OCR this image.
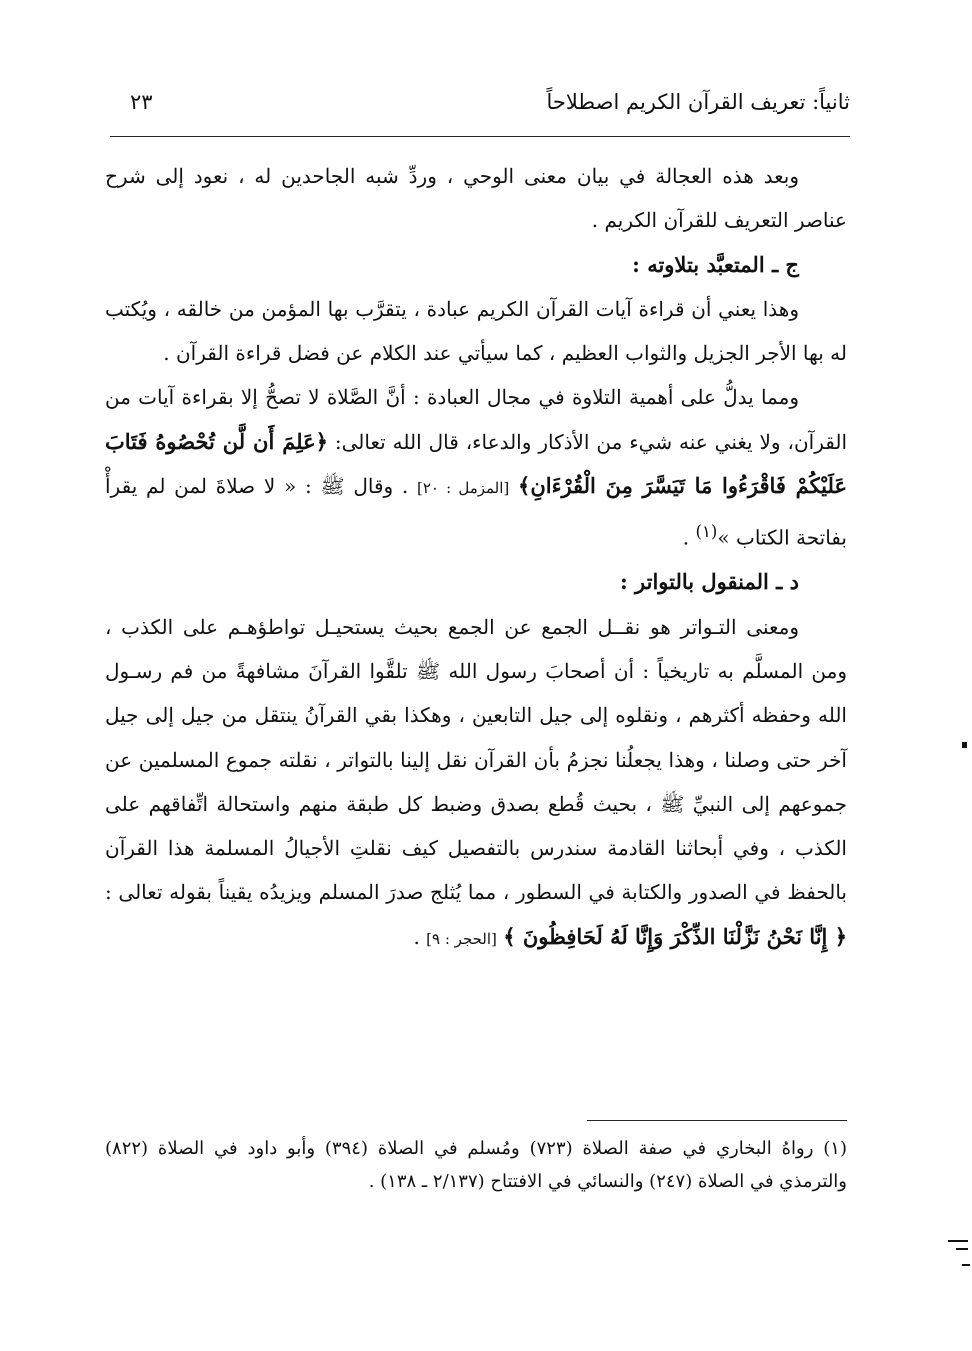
ثانياً: تعريف القرآن الكريم اصطلاحاً
٢٣

وبعد هذه العجالة في بيان معنى الوحي ، وردِّ شبه الجاحدين له ، نعود إلى شرح عناصر التعريف للقرآن الكريم .

ج ـ المتعبَّد بتلاوته :

وهذا يعني أن قراءة آيات القرآن الكريم عبادة ، يتقرَّب بها المؤمن من خالقه ، ويُكتب له بها الأجر الجزيل والثواب العظيم ، كما سيأتي عند الكلام عن فضل قراءة القرآن .

ومما يدلُّ على أهمية التلاوة في مجال العبادة : أنَّ الصَّلاة لا تصحُّ إلا بقراءة آيات من القرآن، ولا يغني عنه شيء من الأذكار والدعاء، قال الله تعالى: ﴿عَلِمَ أَن لَّن تُحْصُوهُ فَتَابَ عَلَيْكُمْ فَاقْرَءُوا مَا تَيَسَّرَ مِنَ الْقُرْءَانِ﴾ [المزمل : ٢٠] . وقال ﷺ : « لا صلاةَ لمن لم يقرأْ بفاتحة الكتاب »$^{(١)}$ .

د ـ المنقول بالتواتر :

ومعنى التـواتر هو نقــل الجمع عن الجمع بحيث يستحيـل تواطؤهـم على الكذب ، ومن المسلَّم به تاريخياً : أن أصحابَ رسول الله ﷺ تلقَّوا القرآنَ مشافهةً من فم رسـول الله وحفظه أكثرهم ، ونقلوه إلى جيل التابعين ، وهكذا بقي القرآنُ ينتقل من جيل إلى جيل آخر حتى وصلنا ، وهذا يجعلُنا نجزمُ بأن القرآن نقل إلينا بالتواتر ، نقلته جموع المسلمين عن جموعهم إلى النبيِّ ﷺ ، بحيث قُطع بصدق وضبط كل طبقة منهم واستحالة اتِّفاقهم على الكذب ، وفي أبحاثنا القادمة سندرس بالتفصيل كيف نقلتِ الأجيالُ المسلمة هذا القرآن بالحفظ في الصدور والكتابة في السطور ، مما يُثلج صدرَ المسلم ويزيدُه يقيناً بقوله تعالى : ﴿ إِنَّا نَحْنُ نَزَّلْنَا الذِّكْرَ وَإِنَّا لَهُ لَحَافِظُونَ ﴾ [الحجر : ٩] .

(١) رواهُ البخاري في صفة الصلاة (٧٢٣) ومُسلم في الصلاة (٣٩٤) وأبو داود في الصلاة (٨٢٢) والترمذي في الصلاة (٢٤٧) والنسائي في الافتتاح (٢/١٣٧ ـ ١٣٨) .
